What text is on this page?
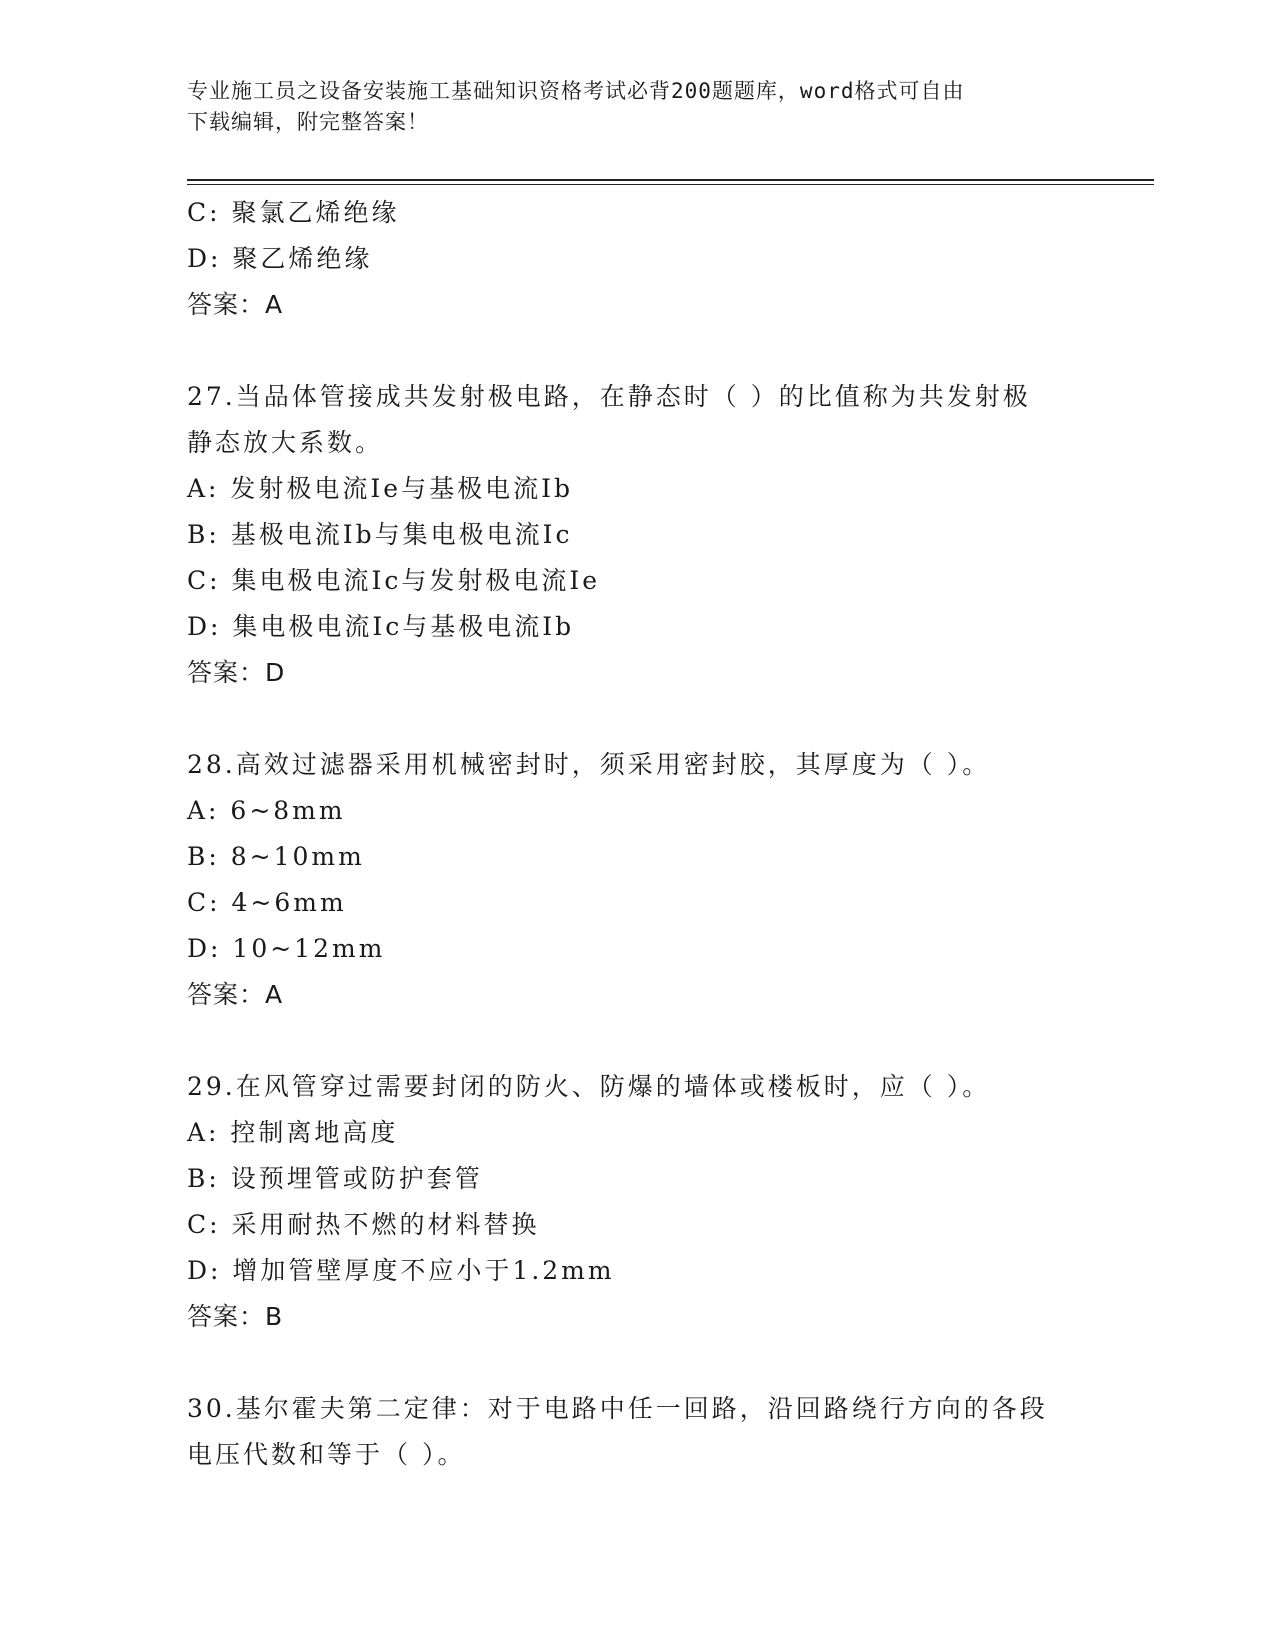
专业施工员之设备安装施工基础知识资格考试必背200题题库，word格式可自由
下载编辑，附完整答案！
C: 聚氯乙烯绝缘
D: 聚乙烯绝缘
答案：A
27.当品体管接成共发射极电路，在静态时（ ）的比值称为共发射极
静态放大系数。
A: 发射极电流Ie与基极电流Ib
B: 基极电流Ib与集电极电流Ic
C: 集电极电流Ic与发射极电流Ie
D: 集电极电流Ic与基极电流Ib
答案：D
28.高效过滤器采用机械密封时，须采用密封胶，其厚度为（ ）。
A: 6~8mm
B: 8~10mm
C: 4~6mm
D: 10~12mm
答案：A
29.在风管穿过需要封闭的防火、防爆的墙体或楼板时，应（ ）。
A: 控制离地高度
B: 设预埋管或防护套管
C: 采用耐热不燃的材料替换
D: 增加管壁厚度不应小于1.2mm
答案：B
30.基尔霍夫第二定律：对于电路中任一回路，沿回路绕行方向的各段
电压代数和等于（ ）。
